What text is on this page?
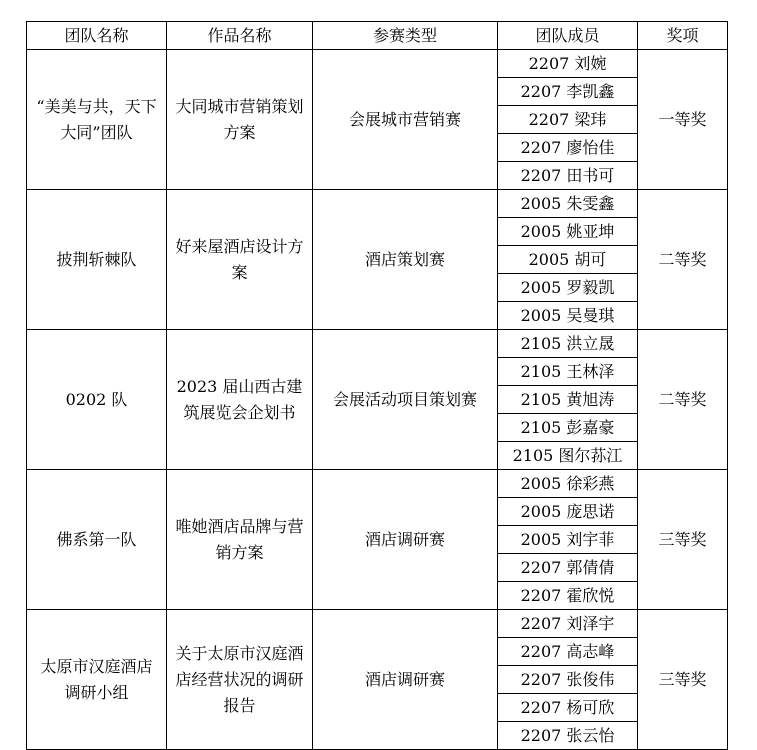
团队名称	作品名称	参赛类型	团队成员	奖项
“美美与共，天下大同”团队	大同城市营销策划方案	会展城市营销赛	2207 刘婉	一等奖
			2207 李凯鑫	
			2207 梁玮	
			2207 廖怡佳	
			2207 田书可	
披荆斩棘队	好来屋酒店设计方案	酒店策划赛	2005 朱雯鑫	二等奖
			2005 姚亚坤	
			2005 胡可	
			2005 罗毅凯	
			2005 吴曼琪	
0202 队	2023 届山西古建筑展览会企划书	会展活动项目策划赛	2105 洪立晟	二等奖
			2105 王林泽	
			2105 黄旭涛	
			2105 彭嘉豪	
			2105 图尔荪江	
佛系第一队	唯她酒店品牌与营销方案	酒店调研赛	2005 徐彩燕	三等奖
			2005 庞思诺	
			2005 刘宇菲	
			2207 郭倩倩	
			2207 霍欣悦	
太原市汉庭酒店调研小组	关于太原市汉庭酒店经营状况的调研报告	酒店调研赛	2207 刘泽宇	三等奖
			2207 高志峰	
			2207 张俊伟	
			2207 杨可欣	
			2207 张云怡	
